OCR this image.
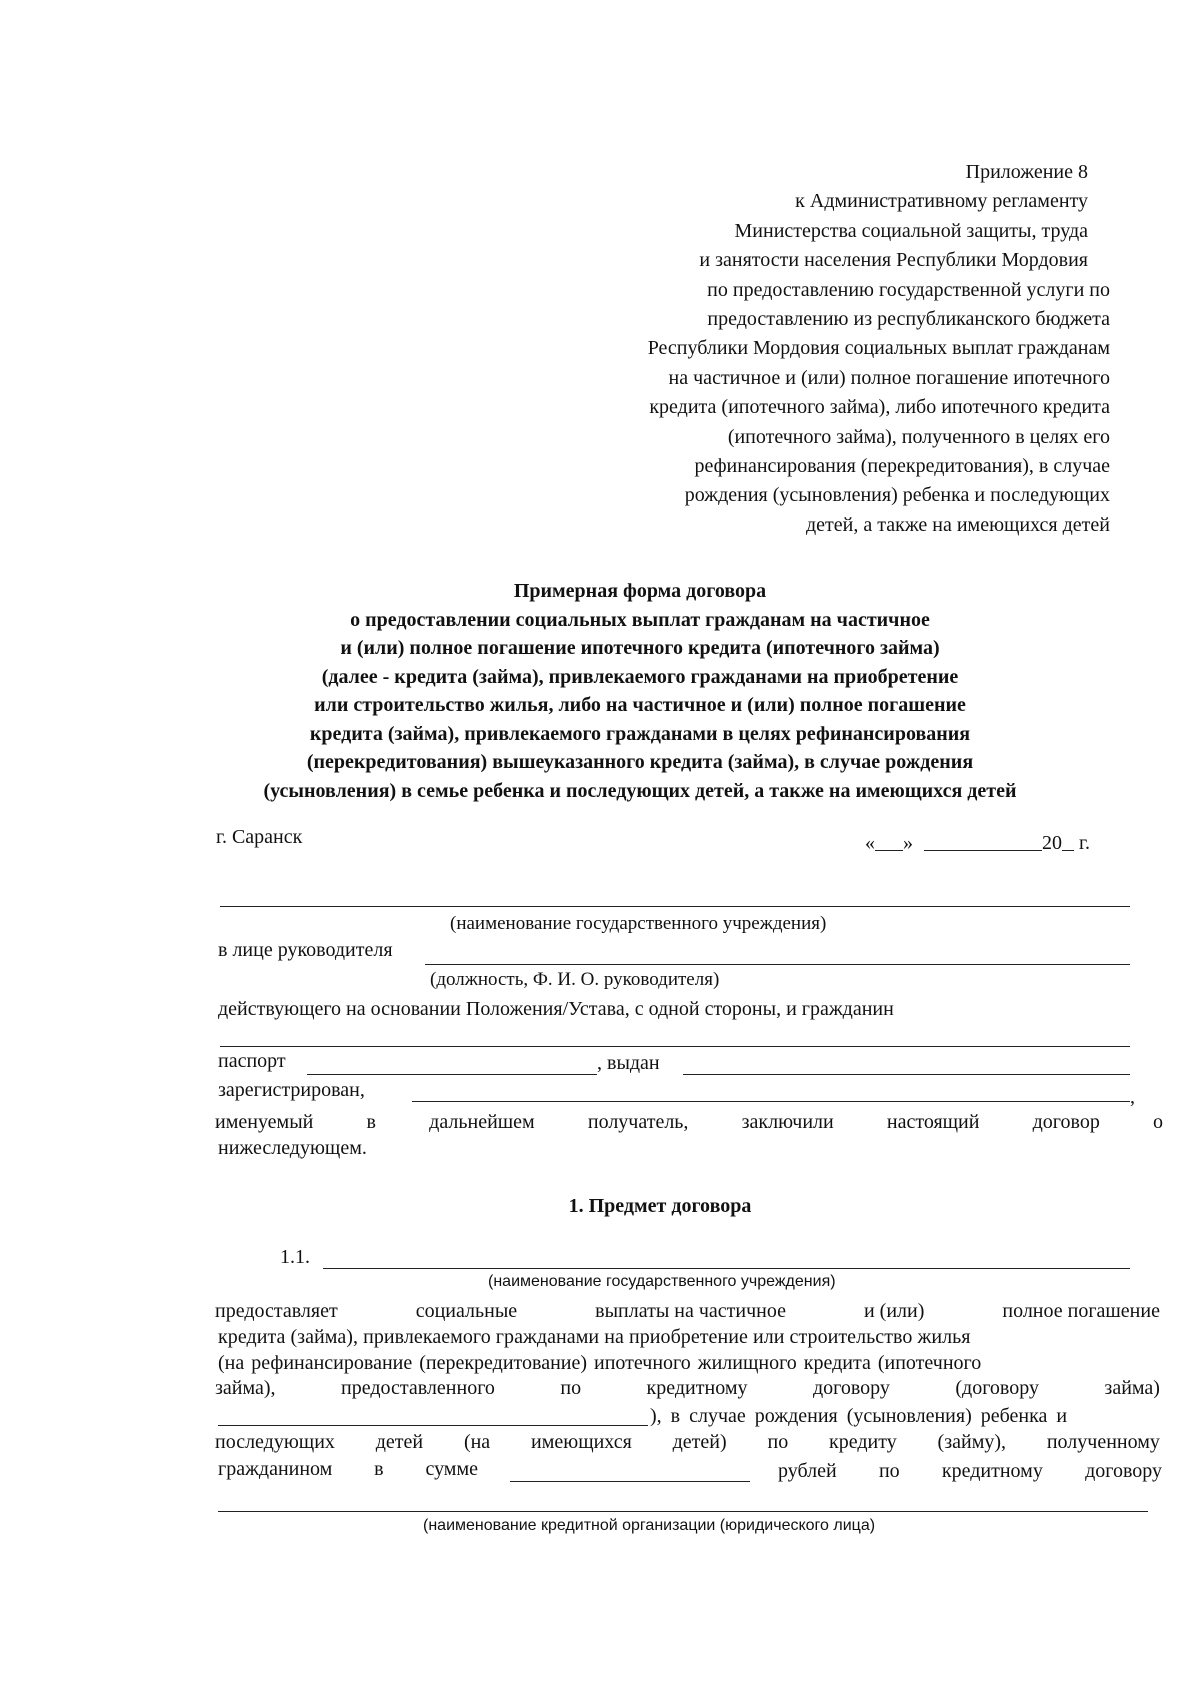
Приложение 8
к Административному регламенту
Министерства социальной защиты, труда
и занятости населения Республики Мордовия
по предоставлению государственной услуги по
предоставлению из республиканского бюджета
Республики Мордовия социальных выплат гражданам
на частичное и (или) полное погашение ипотечного
кредита (ипотечного займа), либо ипотечного кредита
(ипотечного займа), полученного в целях его
рефинансирования (перекредитования), в случае
рождения (усыновления) ребенка и последующих
детей, а также на имеющихся детей
Примерная форма договора
о предоставлении социальных выплат гражданам на частичное
и (или) полное погашение ипотечного кредита (ипотечного займа)
(далее - кредита (займа), привлекаемого гражданами на приобретение
или строительство жилья, либо на частичное и (или) полное погашение
кредита (займа), привлекаемого гражданами в целях рефинансирования
(перекредитования) вышеуказанного кредита (займа), в случае рождения
(усыновления) в семье ребенка и последующих детей, а также на имеющихся детей
г. Саранск	« »	20 г.
(наименование государственного учреждения)
в лице руководителя
(должность, Ф. И. О. руководителя)
действующего на основании Положения/Устава, с одной стороны, и гражданин
паспорт	, выдан
зарегистрирован,	,
именуемый	в	дальнейшем	получатель,	заключили	настоящий	договор	о
нижеследующем.
1. Предмет договора
1.1.
(наименование государственного учреждения)
предоставляет	социальные	выплаты на частичное	и (или)	полное погашение
кредита (займа), привлекаемого гражданами на приобретение или строительство жилья
(на рефинансирование (перекредитование) ипотечного жилищного кредита (ипотечного
займа),	предоставленного	по	кредитному	договору	(договору	займа)
), в случае рождения (усыновления) ребенка и
последующих детей (на имеющихся детей) по кредиту (займу), полученному
гражданином в сумме	рублей по кредитному договору
(наименование кредитной организации (юридического лица)
